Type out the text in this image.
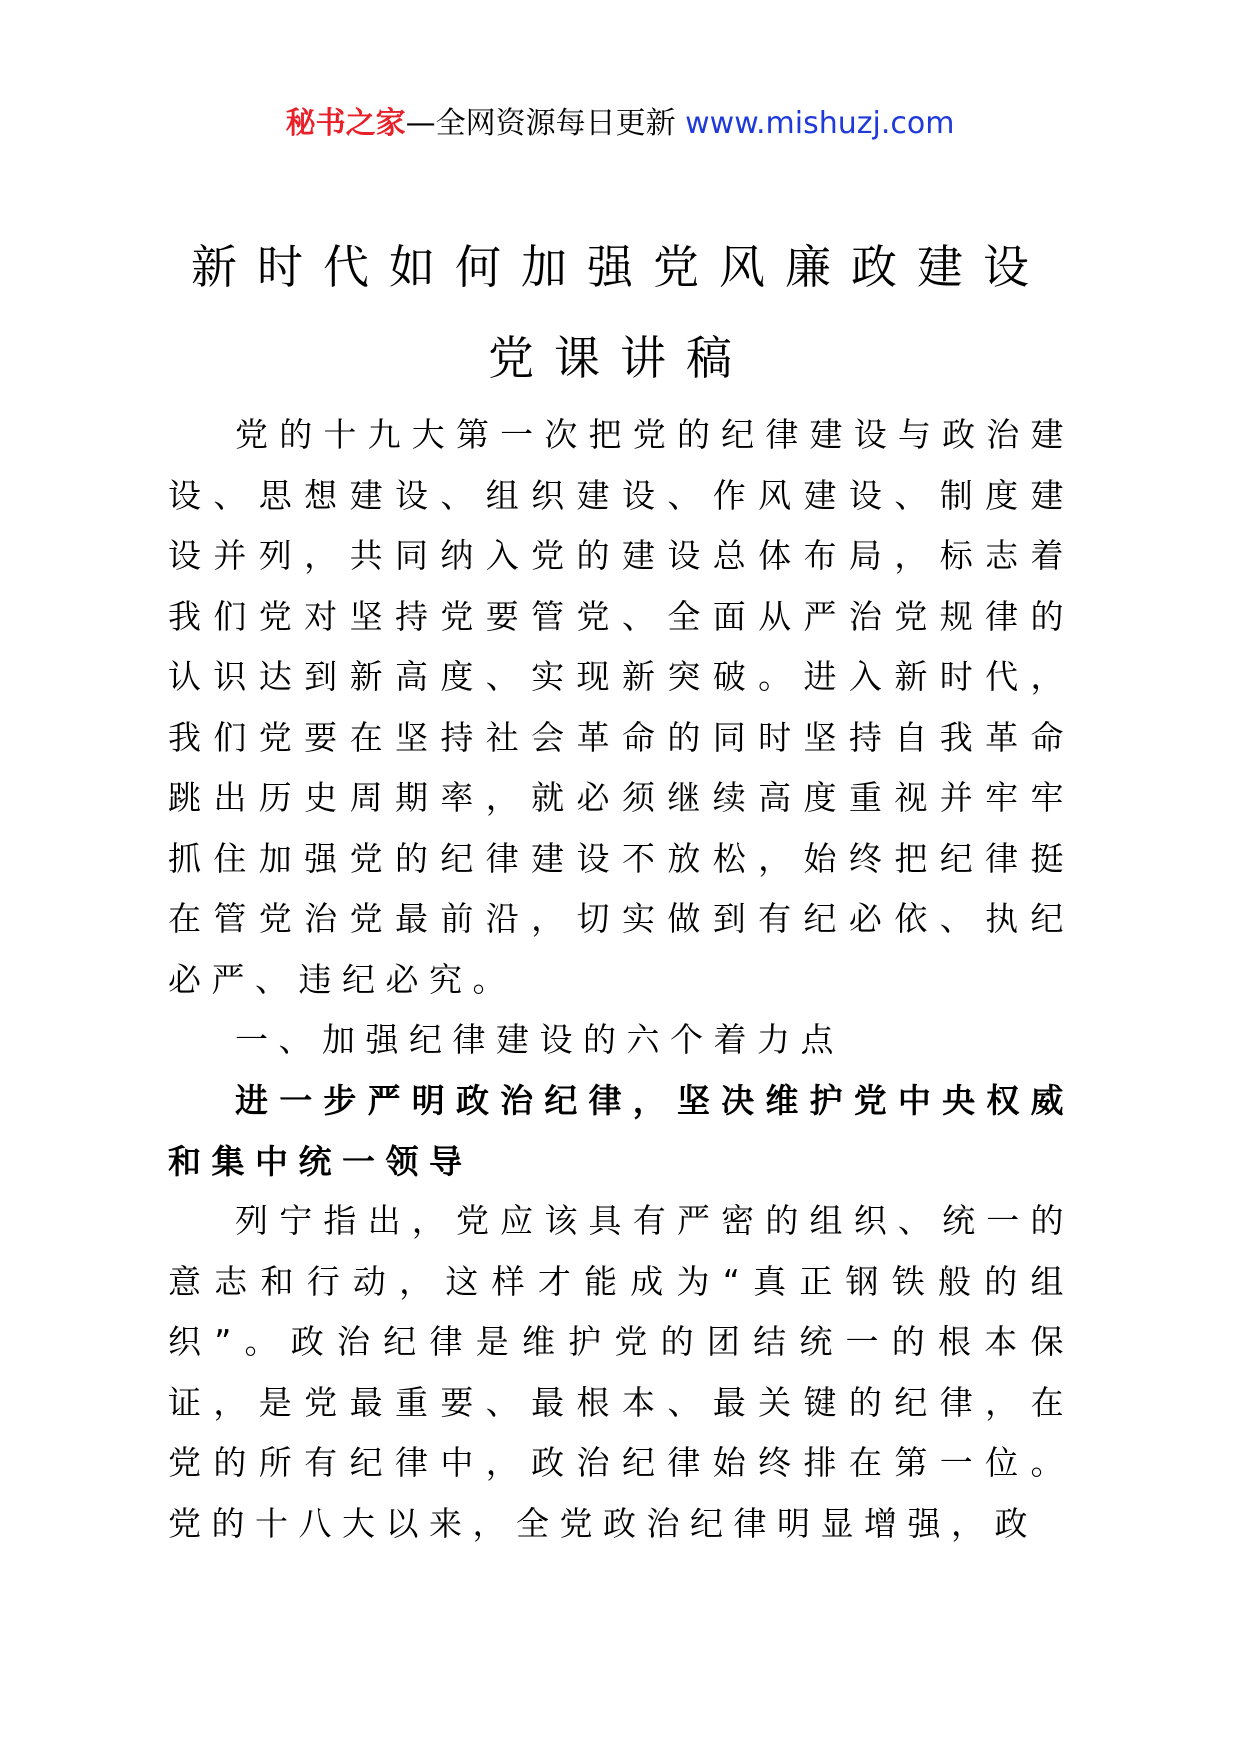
秘书之家—全网资源每日更新 www.mishuzj.com
新时代如何加强党风廉政建设
党课讲稿

党的十九大第一次把党的纪律建设与政治建设、思想建设、组织建设、作风建设、制度建设并列，共同纳入党的建设总体布局，标志着我们党对坚持党要管党、全面从严治党规律的认识达到新高度、实现新突破。进入新时代，我们党要在坚持社会革命的同时坚持自我革命跳出历史周期率，就必须继续高度重视并牢牢抓住加强党的纪律建设不放松，始终把纪律挺在管党治党最前沿，切实做到有纪必依、执纪必严、违纪必究。

一、加强纪律建设的六个着力点

进一步严明政治纪律，坚决维护党中央权威和集中统一领导

列宁指出，党应该具有严密的组织、统一的意志和行动，这样才能成为“真正钢铁般的组织”。政治纪律是维护党的团结统一的根本保证，是党最重要、最根本、最关键的纪律，在党的所有纪律中，政治纪律始终排在第一位。党的十八大以来，全党政治纪律明显增强，政
